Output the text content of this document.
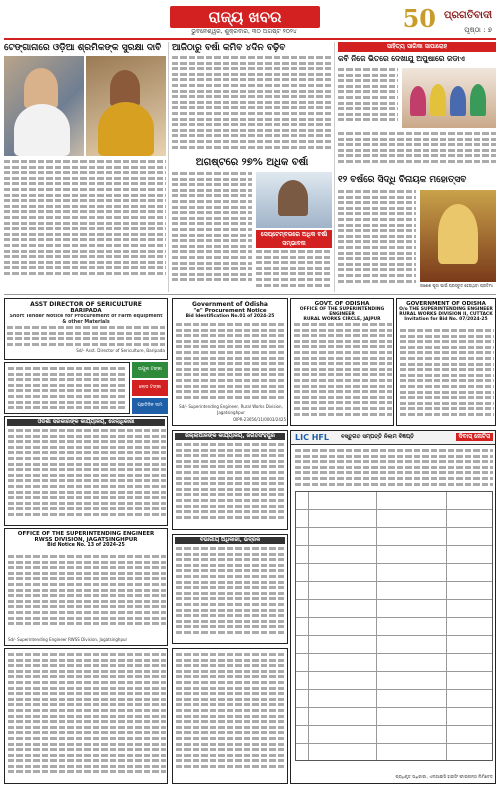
ରାଜ୍ୟ ଖବର
ଭୁବନେଶ୍ୱର, ଶୁକ୍ରବାର, ୩୦ ଅଗଷ୍ଟ ୨୦୨୪	50 ପ୍ରଗତିବାଦୀ
ପୃଷ୍ଠା : ୭
ଟେଙ୍ଗାନାରେ ଓଡ଼ିଆ ଶ୍ରମିକଙ୍କ ସୁରକ୍ଷା ଦାବି	ଆଜିଠାରୁ ବର୍ଷା କମିବ ୪ଦିନ ବଢ଼ିବ
ଅଗଷ୍ଟରେ ୨୭% ଅଧିକ ବର୍ଷା
ସେପ୍ଟେମ୍ବରରେ ଅଧିକ ବର୍ଷା ସମ୍ଭାବନା
ସାହିତ୍ୟ ସାଗିକା ସାପାରୋହ
କବି ନିଜେ ଭିତରେ ଦେଖାଯୁ ଅପୁଷାରେ ଜଡାଏ
୧୨ ବର୍ଷରେ ସିଦ୍ଧି ବିନାୟକ ମହୋତ୍ସବ
ଗଣେଶ ପୂଜା ପାଇଁ ପ୍ରସ୍ତୁତ ହେଉଥିବା ପ୍ରତିମା
ASST DIRECTOR OF SERICULTURE
BARIPADA
Short Tender Notice for Procurement of Farm equipment & other Materials
Sd/- Asst. Director of Sericulture, Baripada
ଉପୁଲ ଟଙ୍କା
ଲୋଡ ଟଙ୍କା
ପ୍ରତିଦିନ ଦାମ
ଓଡିଶା ସରକାରଙ୍କ କାର୍ଯ୍ୟାଳୟ, ଜେଲାଧିକାରୀ
OFFICE OF THE SUPERINTENDING ENGINEER
RWSS DIVISION, JAGATSINGHPUR
Bid Notice No. 13 of 2024-25
Sd/- Superintending Engineer RWSS Division, Jagatsinghpur
Government of Odisha
"e" Procurement Notice
Bid Identification No.01 of 2024-25
Sd/- Superintending Engineer, Rural Works Division, Jagatsinghpur
OIPR-23056/11/0003/2425
GOVT. OF ODISHA
OFFICE OF THE SUPERINTENDING ENGINEER
RURAL WORKS CIRCLE, JAJPUR
GOVERNMENT OF ODISHA
O/o THE SUPERINTENDING ENGINEER
RURAL WORKS DIVISION II, CUTTACK
Invitation for Bid No. 07/2024-25
ଜିଲ୍ଲାପାଳଙ୍କ କାର୍ଯ୍ୟାଳୟ, ଜଗତସିଂହପୁର
ବିଭାଗୀୟ ଅଧିକାରୀ, ଭଦ୍ରକ
LIC HFL ବସ୍ତୁଗତ ସମ୍ପତ୍ତି ନିଲାମ ବିଜ୍ଞପ୍ତି	ଦିବାସ୍ ନୋଟିସ
ପ୍ରାଧିକୃତ ଅଧିକାରୀ, ଏଲଆଇସି ହାଉସିଂ ଫାଇନାନ୍ସ ଲିମିଟେଡ୍
